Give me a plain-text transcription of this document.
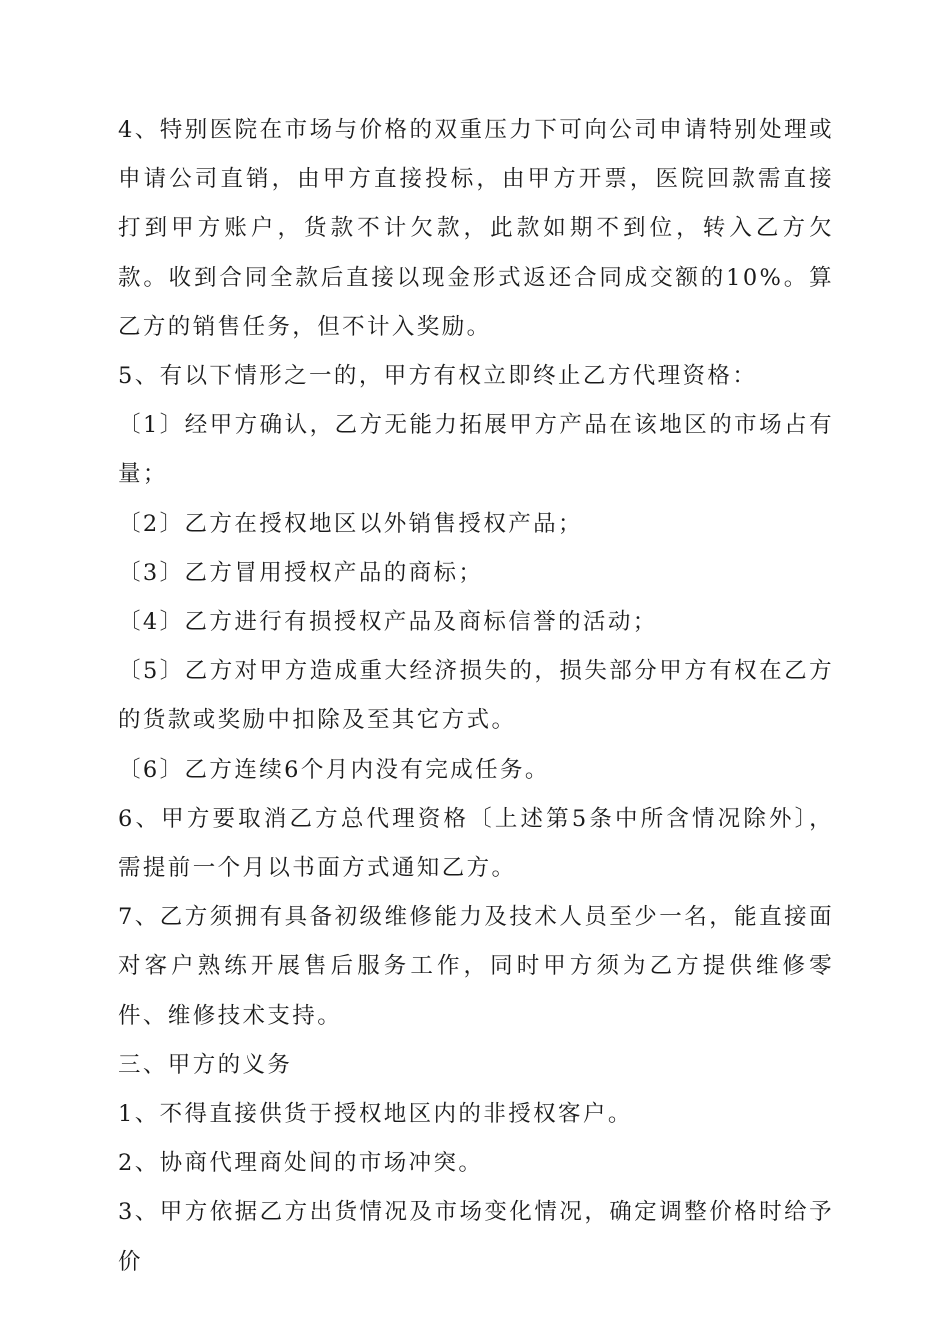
4、特别医院在市场与价格的双重压力下可向公司申请特别处理或申请公司直销，由甲方直接投标，由甲方开票，医院回款需直接打到甲方账户，货款不计欠款，此款如期不到位，转入乙方欠款。收到合同全款后直接以现金形式返还合同成交额的10%。算乙方的销售任务，但不计入奖励。

5、有以下情形之一的，甲方有权立即终止乙方代理资格：

〔1〕经甲方确认，乙方无能力拓展甲方产品在该地区的市场占有量；

〔2〕乙方在授权地区以外销售授权产品；

〔3〕乙方冒用授权产品的商标；

〔4〕乙方进行有损授权产品及商标信誉的活动；

〔5〕乙方对甲方造成重大经济损失的，损失部分甲方有权在乙方的货款或奖励中扣除及至其它方式。

〔6〕乙方连续6个月内没有完成任务。

6、甲方要取消乙方总代理资格〔上述第5条中所含情况除外〕，需提前一个月以书面方式通知乙方。

7、乙方须拥有具备初级维修能力及技术人员至少一名，能直接面对客户熟练开展售后服务工作，同时甲方须为乙方提供维修零件、维修技术支持。

三、甲方的义务

1、不得直接供货于授权地区内的非授权客户。

2、协商代理商处间的市场冲突。

3、甲方依据乙方出货情况及市场变化情况，确定调整价格时给予价
